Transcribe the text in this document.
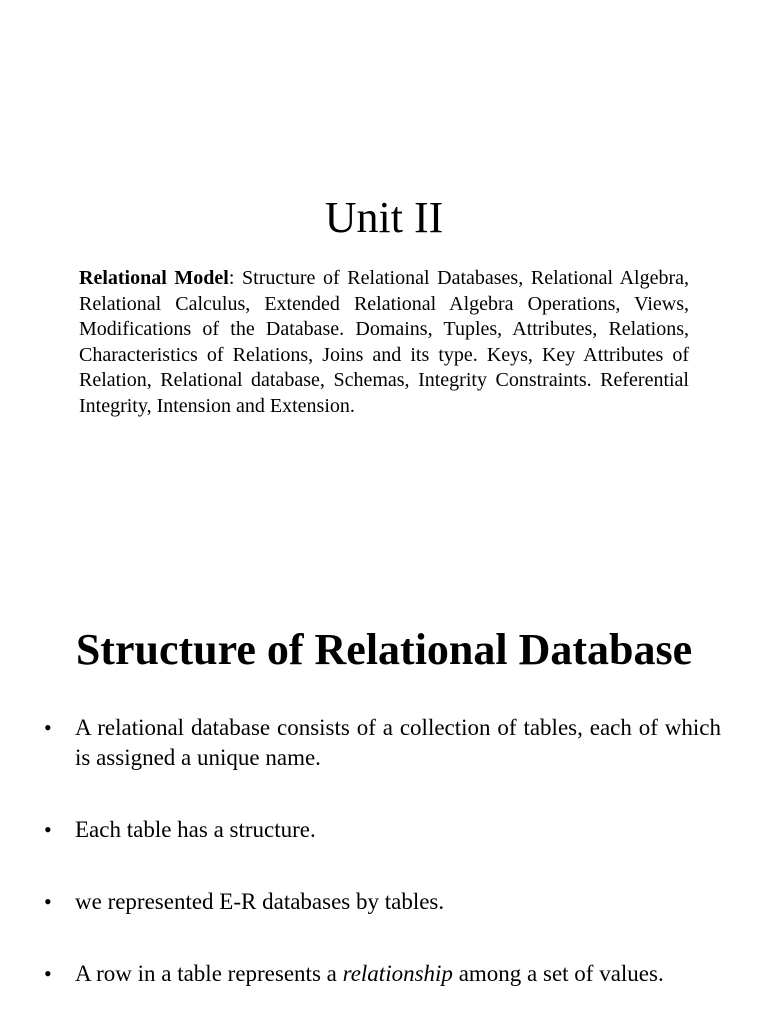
Unit II

Relational Model: Structure of Relational Databases, Relational Algebra, Relational Calculus, Extended Relational Algebra Operations, Views, Modifications of the Database. Domains, Tuples, Attributes, Relations, Characteristics of Relations, Joins and its type. Keys, Key Attributes of Relation, Relational database, Schemas, Integrity Constraints. Referential Integrity, Intension and Extension.

Structure of Relational Database
• A relational database consists of a collection of tables, each of which is assigned a unique name.
• Each table has a structure.
• we represented E-R databases by tables.
• A row in a table represents a relationship among a set of values.
